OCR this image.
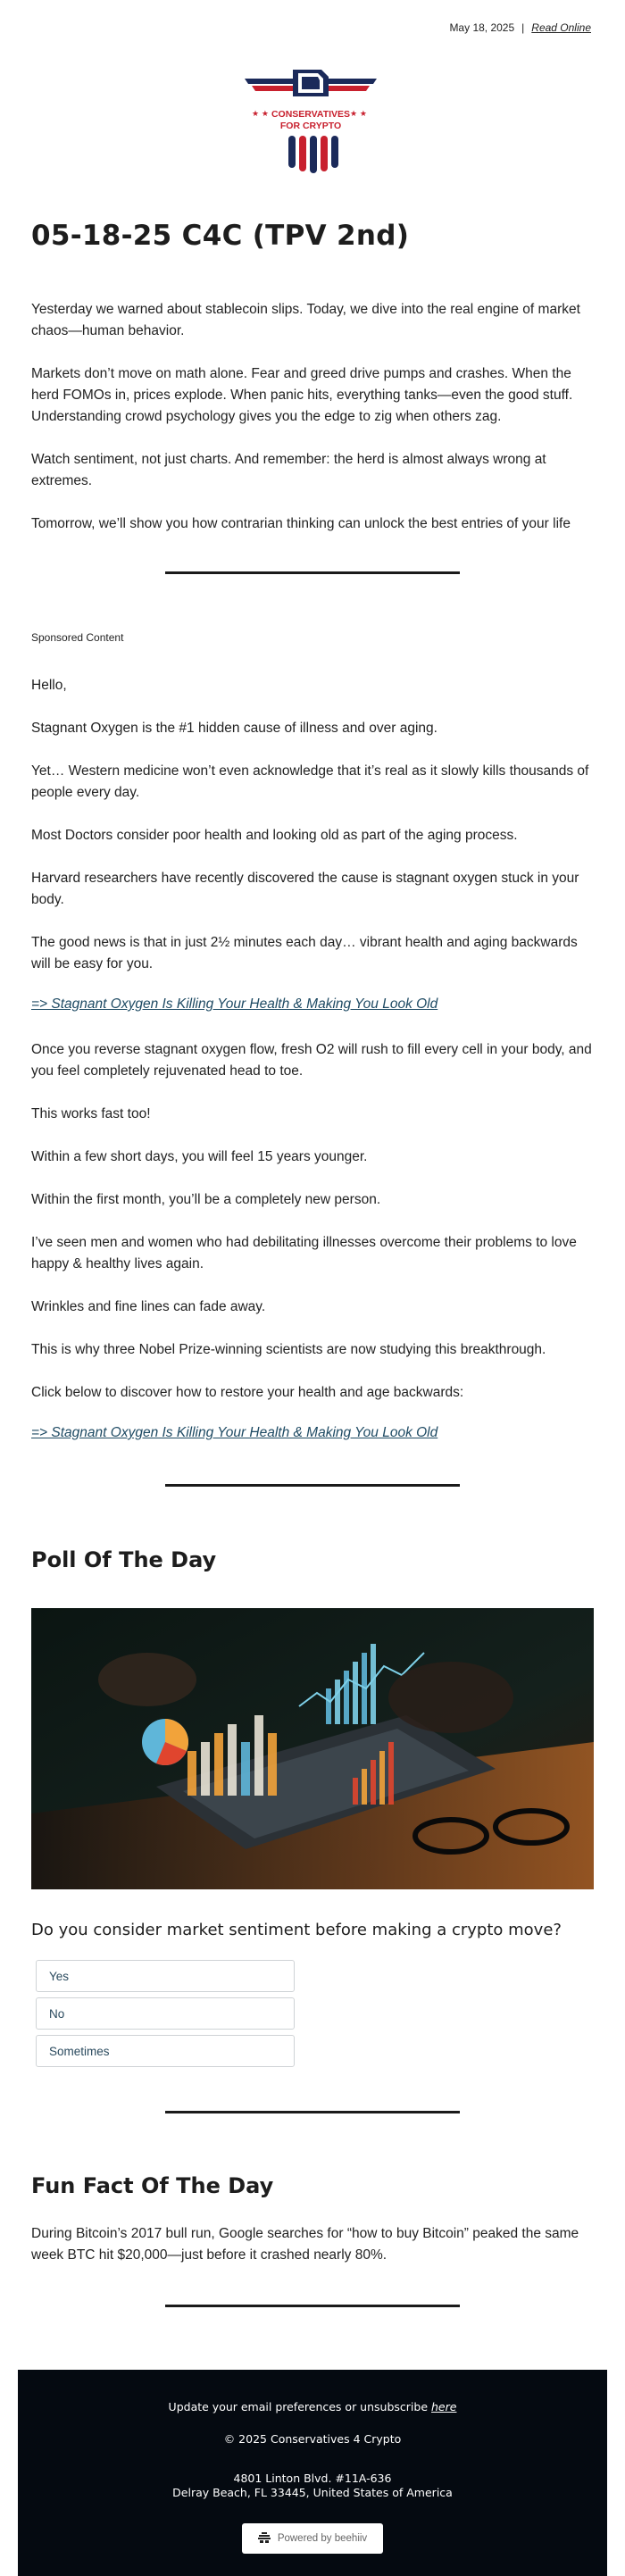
May 18, 2025 | Read Online
★ ★	★ ★
CONSERVATIVES
FOR CRYPTO
05-18-25 C4C (TPV 2nd)

Yesterday we warned about stablecoin slips. Today, we dive into the real engine of market chaos—human behavior.

Markets don’t move on math alone. Fear and greed drive pumps and crashes. When the herd FOMOs in, prices explode. When panic hits, everything tanks—even the good stuff. Understanding crowd psychology gives you the edge to zig when others zag.

Watch sentiment, not just charts. And remember: the herd is almost always wrong at extremes.

Tomorrow, we’ll show you how contrarian thinking can unlock the best entries of your life

Sponsored Content

Hello,

Stagnant Oxygen is the #1 hidden cause of illness and over aging.

Yet… Western medicine won’t even acknowledge that it’s real as it slowly kills thousands of people every day.

Most Doctors consider poor health and looking old as part of the aging process.

Harvard researchers have recently discovered the cause is stagnant oxygen stuck in your body.

The good news is that in just 2½ minutes each day… vibrant health and aging backwards will be easy for you.

=> Stagnant Oxygen Is Killing Your Health & Making You Look Old

Once you reverse stagnant oxygen flow, fresh O2 will rush to fill every cell in your body, and you feel completely rejuvenated head to toe.

This works fast too!

Within a few short days, you will feel 15 years younger.

Within the first month, you’ll be a completely new person.

I’ve seen men and women who had debilitating illnesses overcome their problems to love happy & healthy lives again.

Wrinkles and fine lines can fade away.

This is why three Nobel Prize-winning scientists are now studying this breakthrough.

Click below to discover how to restore your health and age backwards:

=> Stagnant Oxygen Is Killing Your Health & Making You Look Old
Poll Of The Day
Do you consider market sentiment before making a crypto move?
Yes
No
Sometimes
Fun Fact Of The Day

During Bitcoin’s 2017 bull run, Google searches for “how to buy Bitcoin” peaked the same week BTC hit $20,000—just before it crashed nearly 80%.

Update your email preferences or unsubscribe here
© 2025 Conservatives 4 Crypto
4801 Linton Blvd. #11A-636
Delray Beach, FL 33445, United States of America
Powered by beehiiv
